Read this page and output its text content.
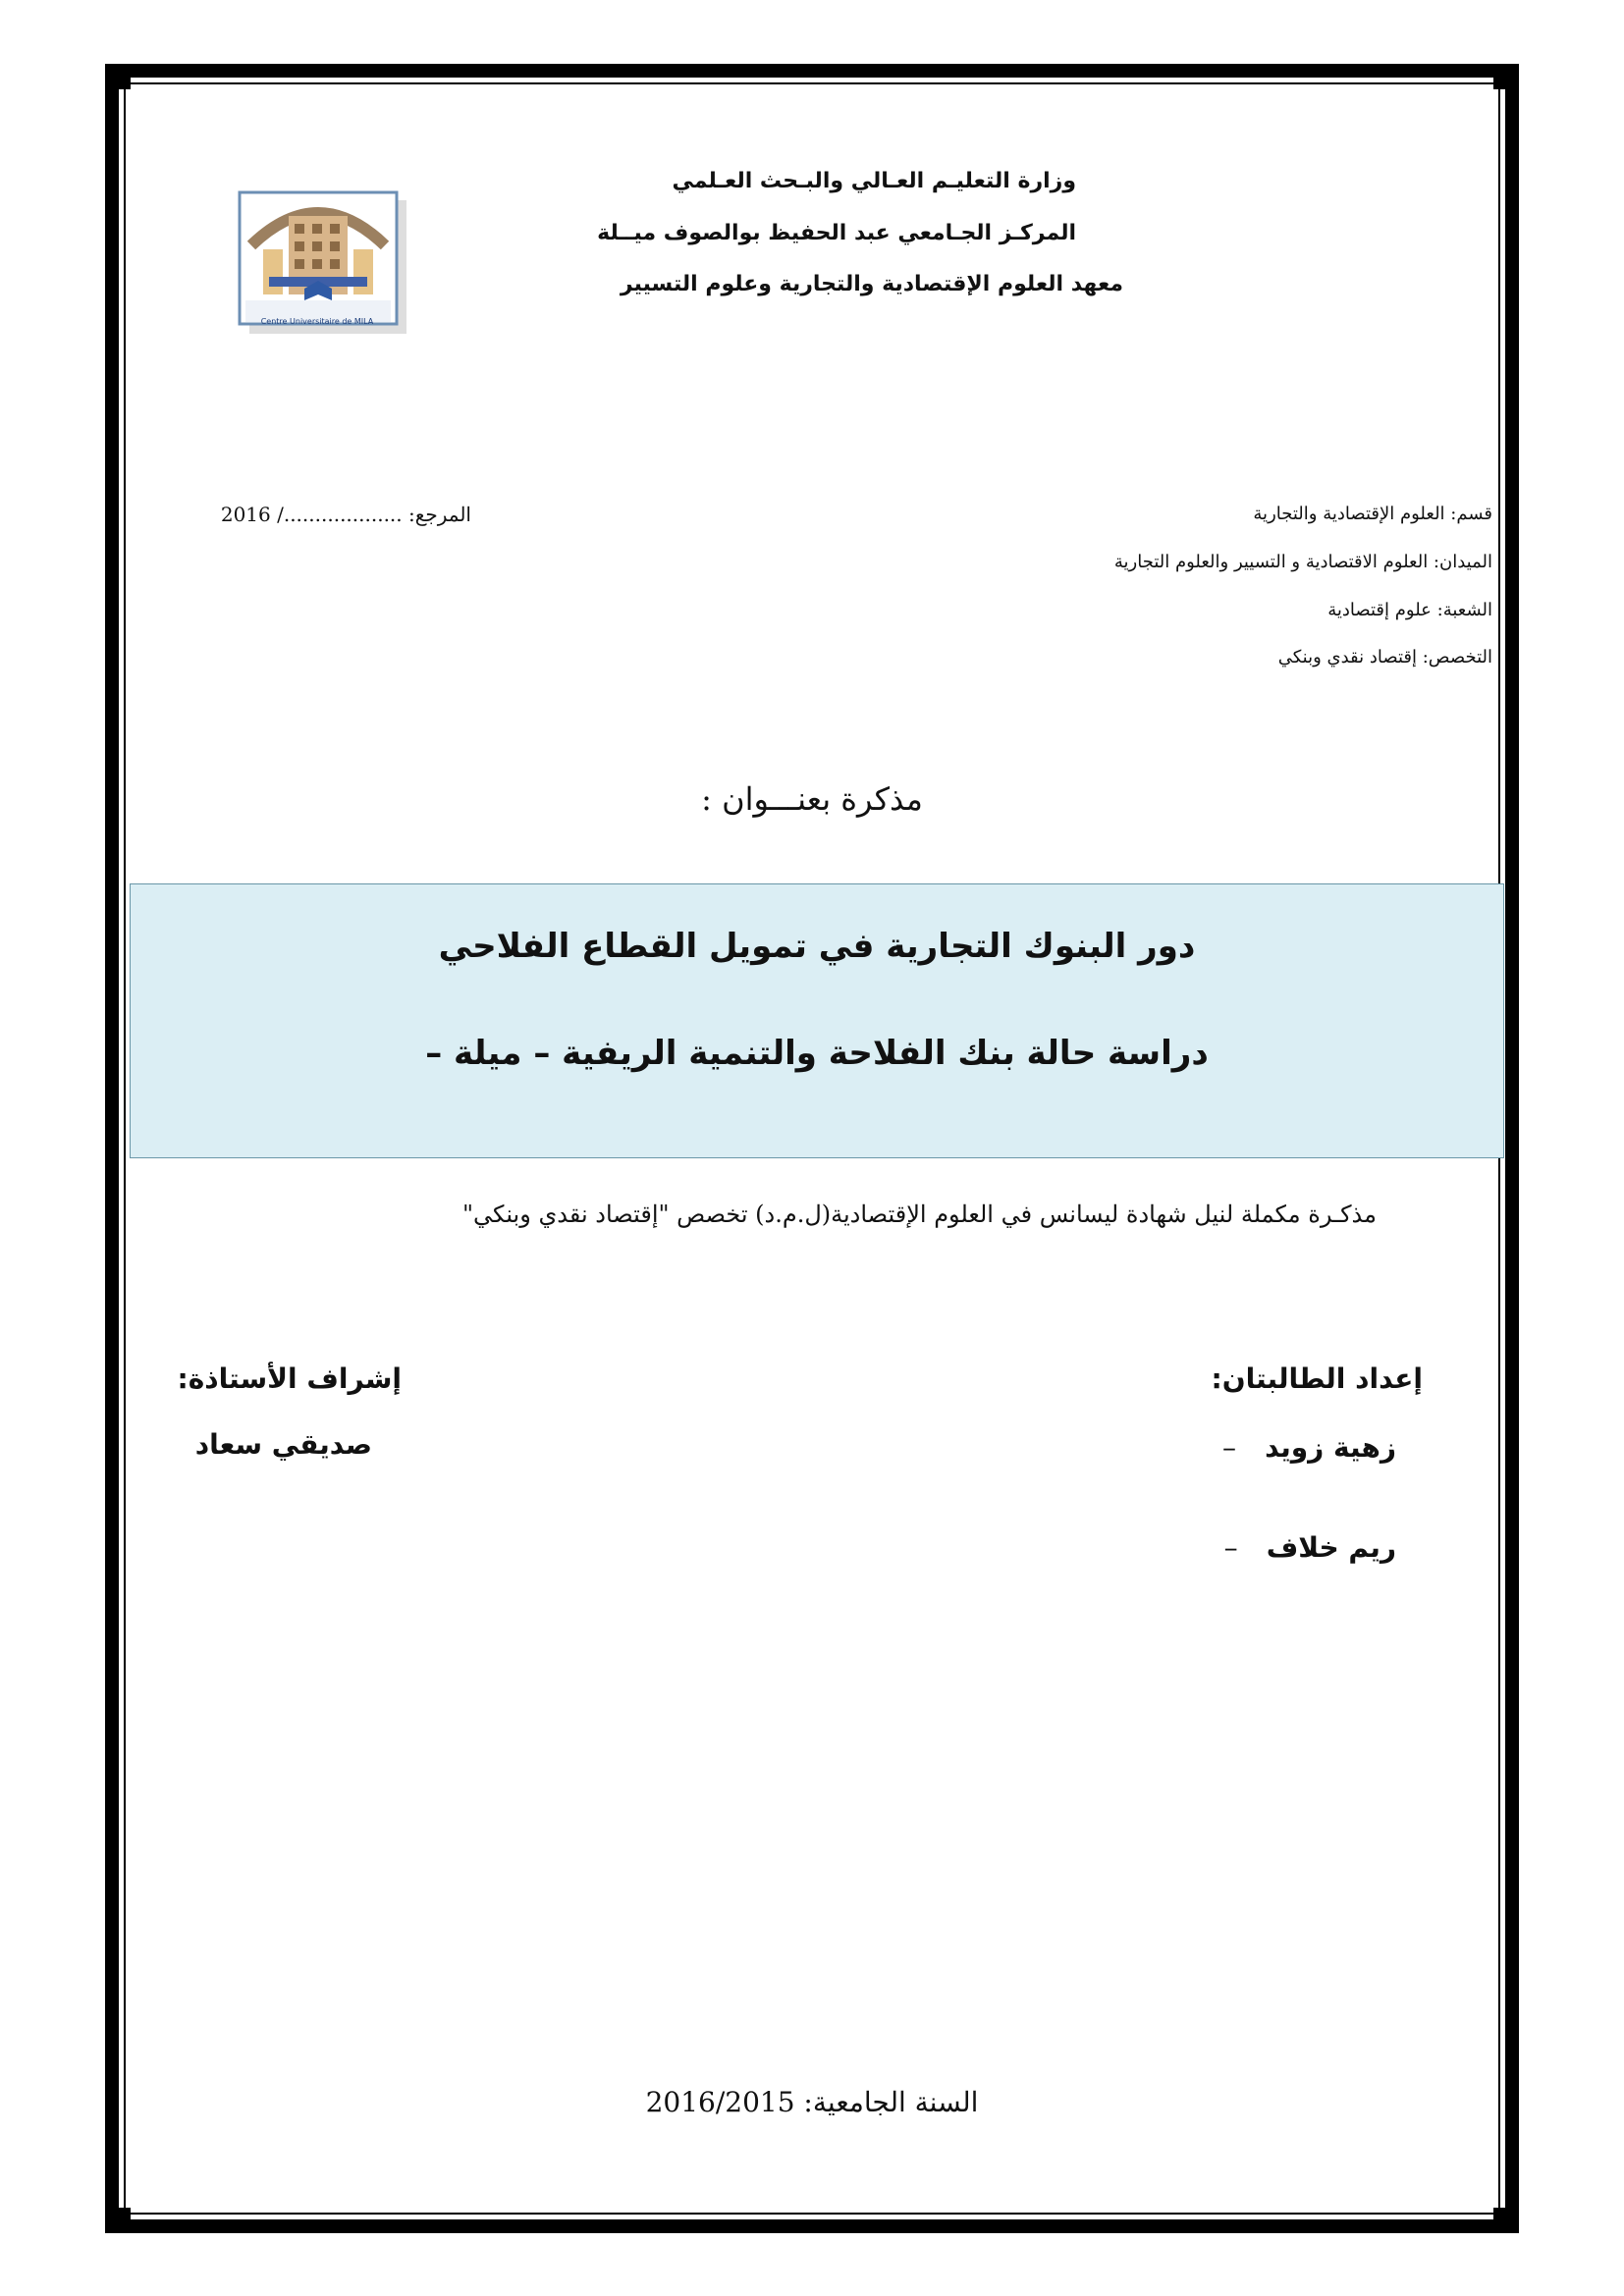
وزارة التعليـم العـالي والبـحث العـلمي
المركـز الجـامعي عبد الحفيظ بوالصوف ميــلة
معهد العلوم الإقتصادية والتجارية وعلوم التسيير
Centre Universitaire de MILA
المرجع: .................../ 2016	قسم: العلوم الإقتصادية والتجارية
الميدان: العلوم الاقتصادية و التسيير والعلوم التجارية
الشعبة: علوم إقتصادية
التخصص: إقتصاد نقدي وبنكي
مذكرة بعنـــوان :
دور البنوك التجارية في تمويل القطاع الفلاحي
دراسة حالة بنك الفلاحة والتنمية الريفية – ميلة –
مذكـرة مكملة لنيل شهادة ليسانس في العلوم الإقتصادية(ل.م.د) تخصص "إقتصاد نقدي وبنكي"
إعداد الطالبتان:
زهية زويد –
ريم خلاف –
إشراف الأستاذة:
صديقي سعاد
السنة الجامعية: 2016/2015
